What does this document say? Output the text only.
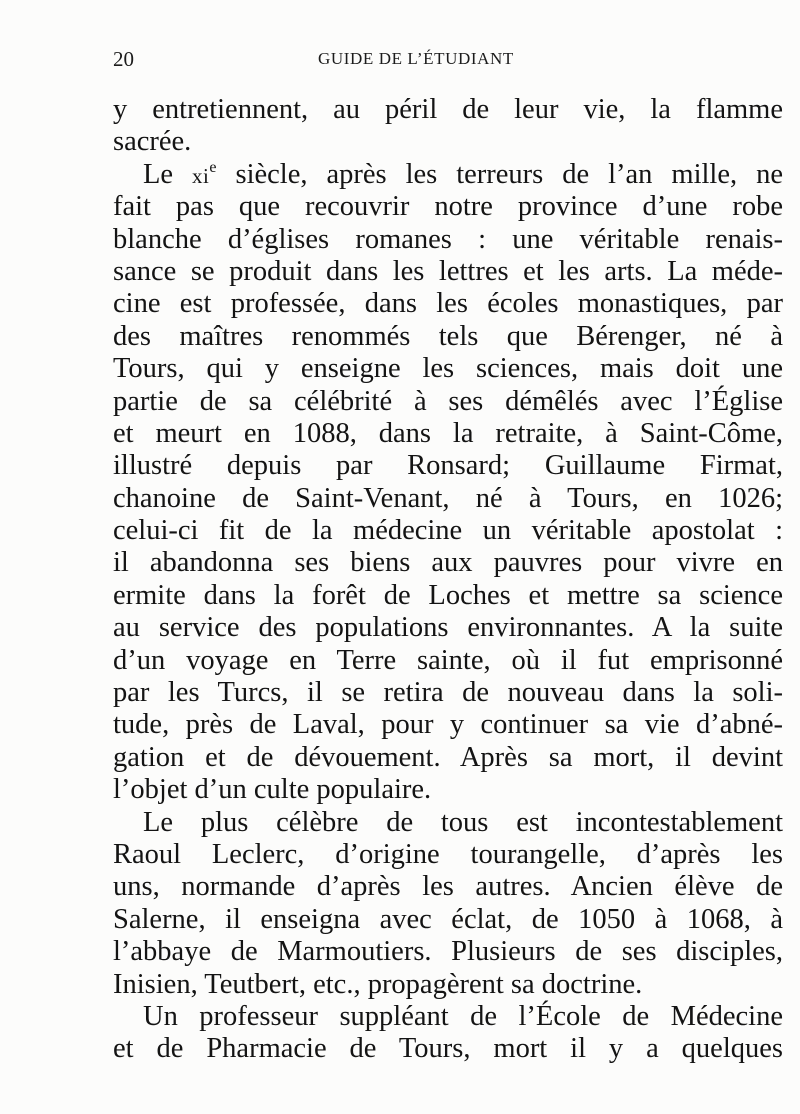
20	GUIDE DE L’ÉTUDIANT
y entretiennent, au péril de leur vie, la flamme
sacrée.
Le $xi^e$ siècle, après les terreurs de l’an mille, ne
fait pas que recouvrir notre province d’une robe
blanche d’églises romanes : une véritable renais-
sance se produit dans les lettres et les arts. La méde-
cine est professée, dans les écoles monastiques, par
des maîtres renommés tels que Bérenger, né à
Tours, qui y enseigne les sciences, mais doit une
partie de sa célébrité à ses démêlés avec l’Église
et meurt en 1088, dans la retraite, à Saint-Côme,
illustré depuis par Ronsard; Guillaume Firmat,
chanoine de Saint-Venant, né à Tours, en 1026;
celui-ci fit de la médecine un véritable apostolat :
il abandonna ses biens aux pauvres pour vivre en
ermite dans la forêt de Loches et mettre sa science
au service des populations environnantes. A la suite
d’un voyage en Terre sainte, où il fut emprisonné
par les Turcs, il se retira de nouveau dans la soli-
tude, près de Laval, pour y continuer sa vie d’abné-
gation et de dévouement. Après sa mort, il devint
l’objet d’un culte populaire.
Le plus célèbre de tous est incontestablement
Raoul Leclerc, d’origine tourangelle, d’après les
uns, normande d’après les autres. Ancien élève de
Salerne, il enseigna avec éclat, de 1050 à 1068, à
l’abbaye de Marmoutiers. Plusieurs de ses disciples,
Inisien, Teutbert, etc., propagèrent sa doctrine.
Un professeur suppléant de l’École de Médecine
et de Pharmacie de Tours, mort il y a quelques
